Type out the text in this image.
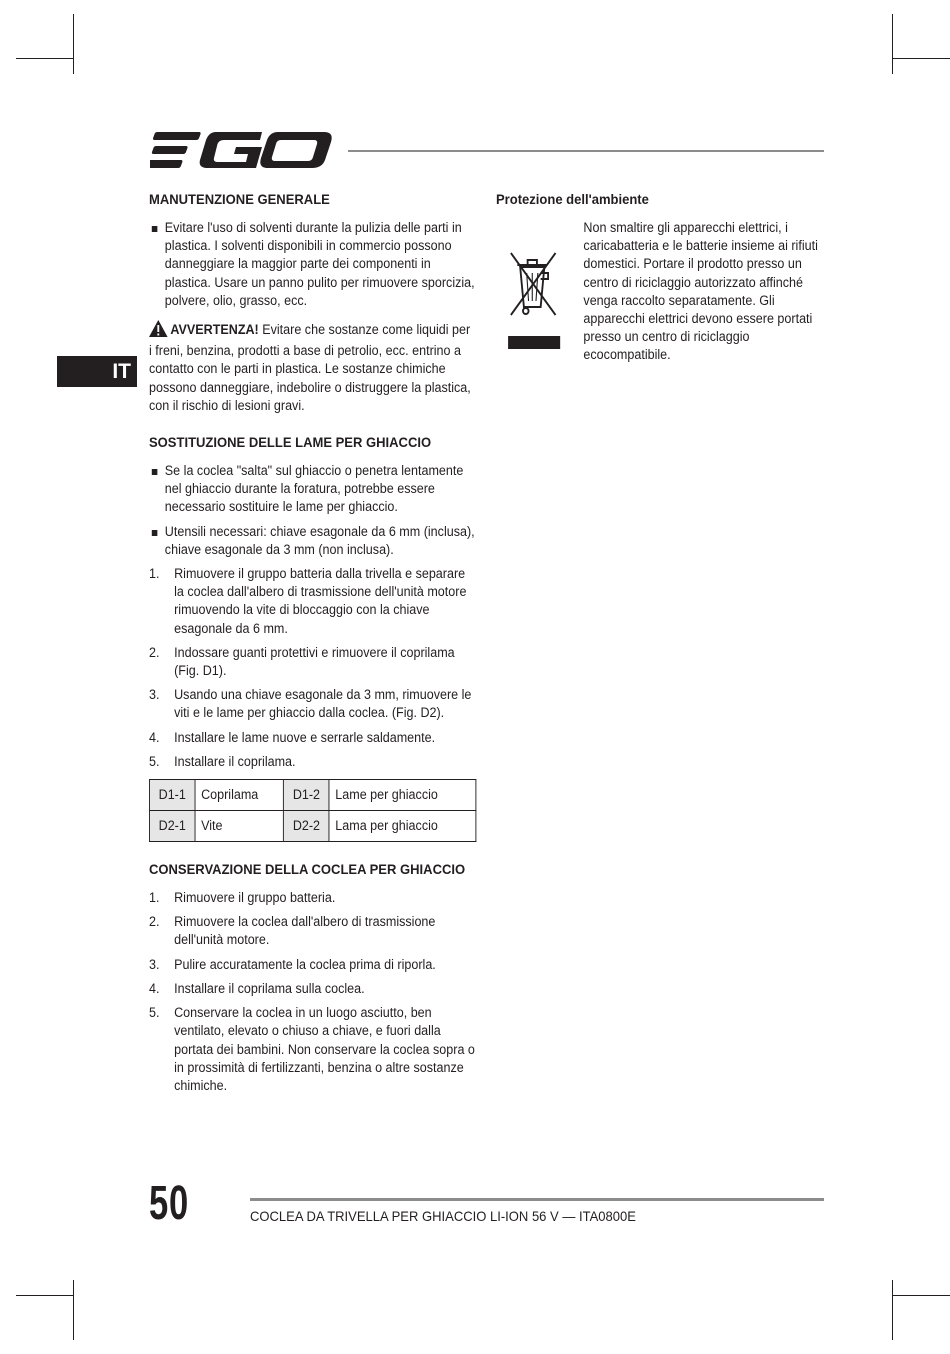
IT
MANUTENZIONE GENERALE
Evitare l'uso di solventi durante la pulizia delle parti in plastica. I solventi disponibili in commercio possono danneggiare la maggior parte dei componenti in plastica. Usare un panno pulito per rimuovere sporcizia, polvere, olio, grasso, ecc.
AVVERTENZA! Evitare che sostanze come liquidi per i freni, benzina, prodotti a base di petrolio, ecc. entrino a contatto con le parti in plastica. Le sostanze chimiche possono danneggiare, indebolire o distruggere la plastica, con il rischio di lesioni gravi.
SOSTITUZIONE DELLE LAME PER GHIACCIO
Se la coclea "salta" sul ghiaccio o penetra lentamente nel ghiaccio durante la foratura, potrebbe essere necessario sostituire le lame per ghiaccio.
Utensili necessari: chiave esagonale da 6 mm (inclusa), chiave esagonale da 3 mm (non inclusa).
1. Rimuovere il gruppo batteria dalla trivella e separare la coclea dall'albero di trasmissione dell'unità motore rimuovendo la vite di bloccaggio con la chiave esagonale da 6 mm.
2. Indossare guanti protettivi e rimuovere il coprilama (Fig. D1).
3. Usando una chiave esagonale da 3 mm, rimuovere le viti e le lame per ghiaccio dalla coclea. (Fig. D2).
4. Installare le lame nuove e serrarle saldamente.
5. Installare il coprilama.
D1-1	Coprilama	D1-2	Lame per ghiaccio
D2-1	Vite	D2-2	Lama per ghiaccio
CONSERVAZIONE DELLA COCLEA PER GHIACCIO
1. Rimuovere il gruppo batteria.
2. Rimuovere la coclea dall'albero di trasmissione dell'unità motore.
3. Pulire accuratamente la coclea prima di riporla.
4. Installare il coprilama sulla coclea.
5. Conservare la coclea in un luogo asciutto, ben ventilato, elevato o chiuso a chiave, e fuori dalla portata dei bambini. Non conservare la coclea sopra o in prossimità di fertilizzanti, benzina o altre sostanze chimiche.
Protezione dell'ambiente
Non smaltire gli apparecchi elettrici, i caricabatteria e le batterie insieme ai rifiuti domestici. Portare il prodotto presso un centro di riciclaggio autorizzato affinché venga raccolto separatamente. Gli apparecchi elettrici devono essere portati presso un centro di riciclaggio ecocompatibile.
50	COCLEA DA TRIVELLA PER GHIACCIO LI-ION 56 V — ITA0800E
